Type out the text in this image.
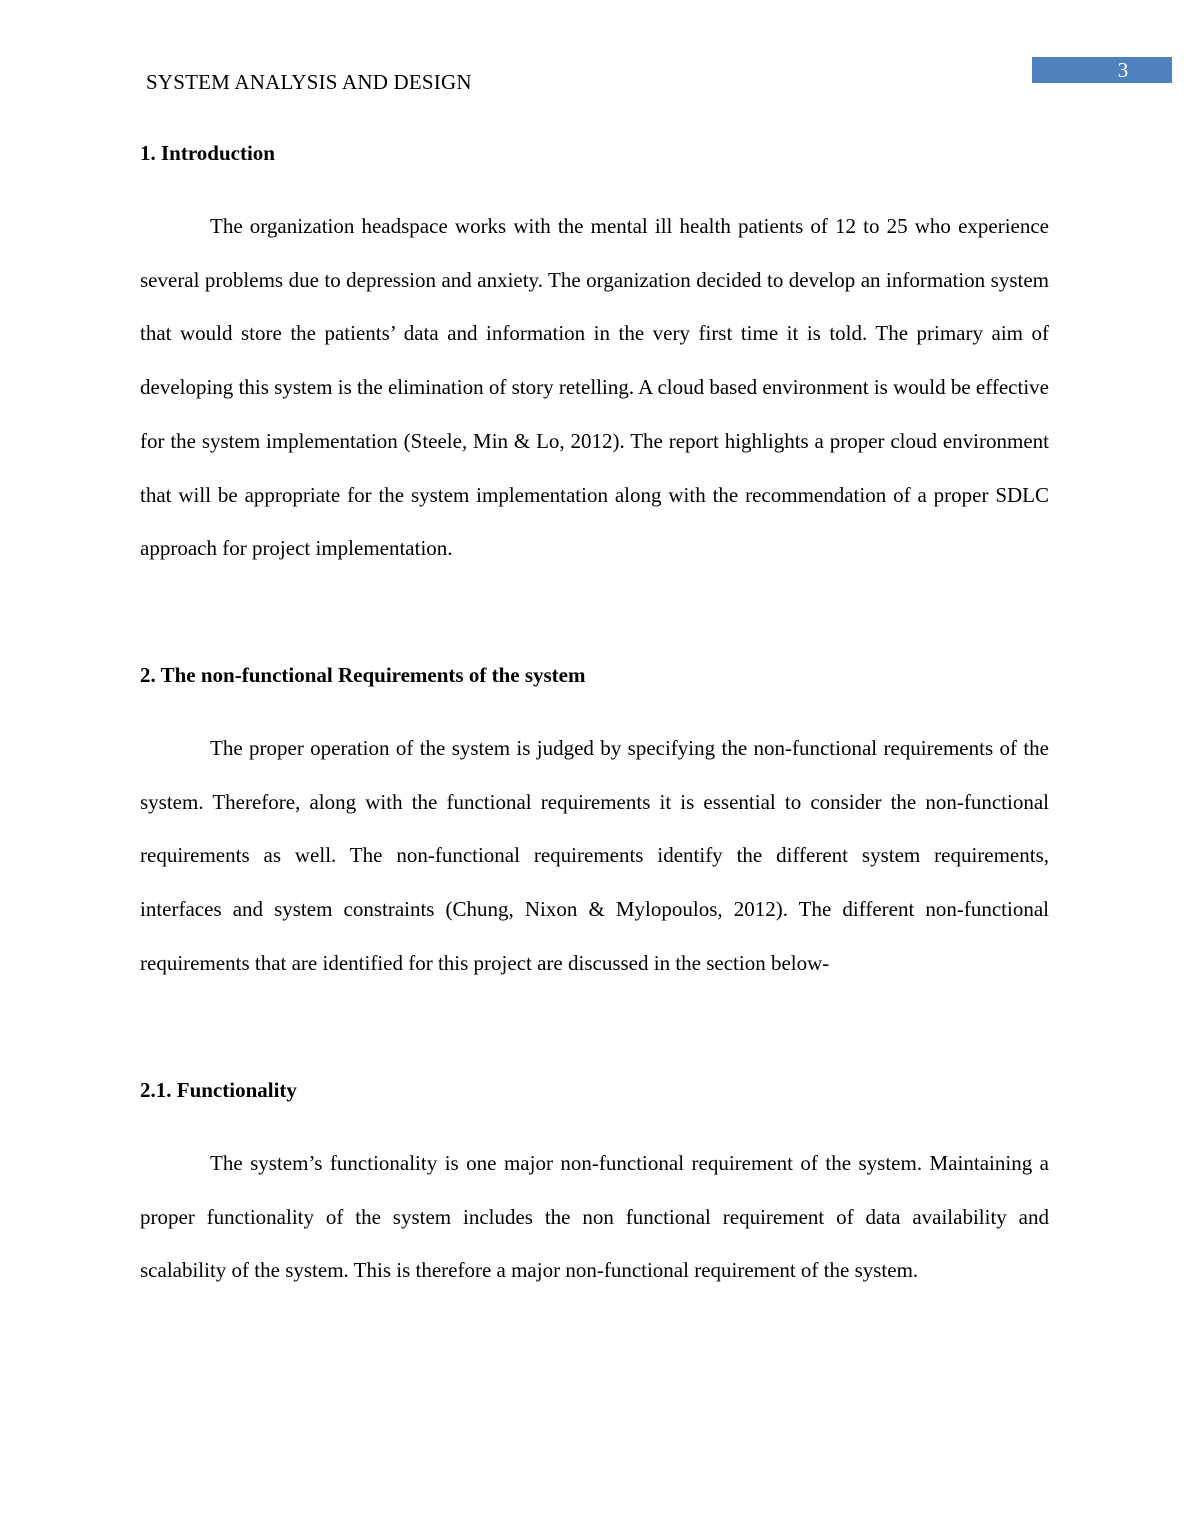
SYSTEM ANALYSIS AND DESIGN	3
1. Introduction

The organization headspace works with the mental ill health patients of 12 to 25 who experience several problems due to depression and anxiety. The organization decided to develop an information system that would store the patients’ data and information in the very first time it is told. The primary aim of developing this system is the elimination of story retelling. A cloud based environment is would be effective for the system implementation (Steele, Min & Lo, 2012). The report highlights a proper cloud environment that will be appropriate for the system implementation along with the recommendation of a proper SDLC approach for project implementation.

2. The non-functional Requirements of the system

The proper operation of the system is judged by specifying the non-functional requirements of the system. Therefore, along with the functional requirements it is essential to consider the non-functional requirements as well. The non-functional requirements identify the different system requirements, interfaces and system constraints (Chung, Nixon & Mylopoulos, 2012). The different non-functional requirements that are identified for this project are discussed in the section below-

2.1. Functionality

The system’s functionality is one major non-functional requirement of the system. Maintaining a proper functionality of the system includes the non functional requirement of data availability and scalability of the system. This is therefore a major non-functional requirement of the system.
